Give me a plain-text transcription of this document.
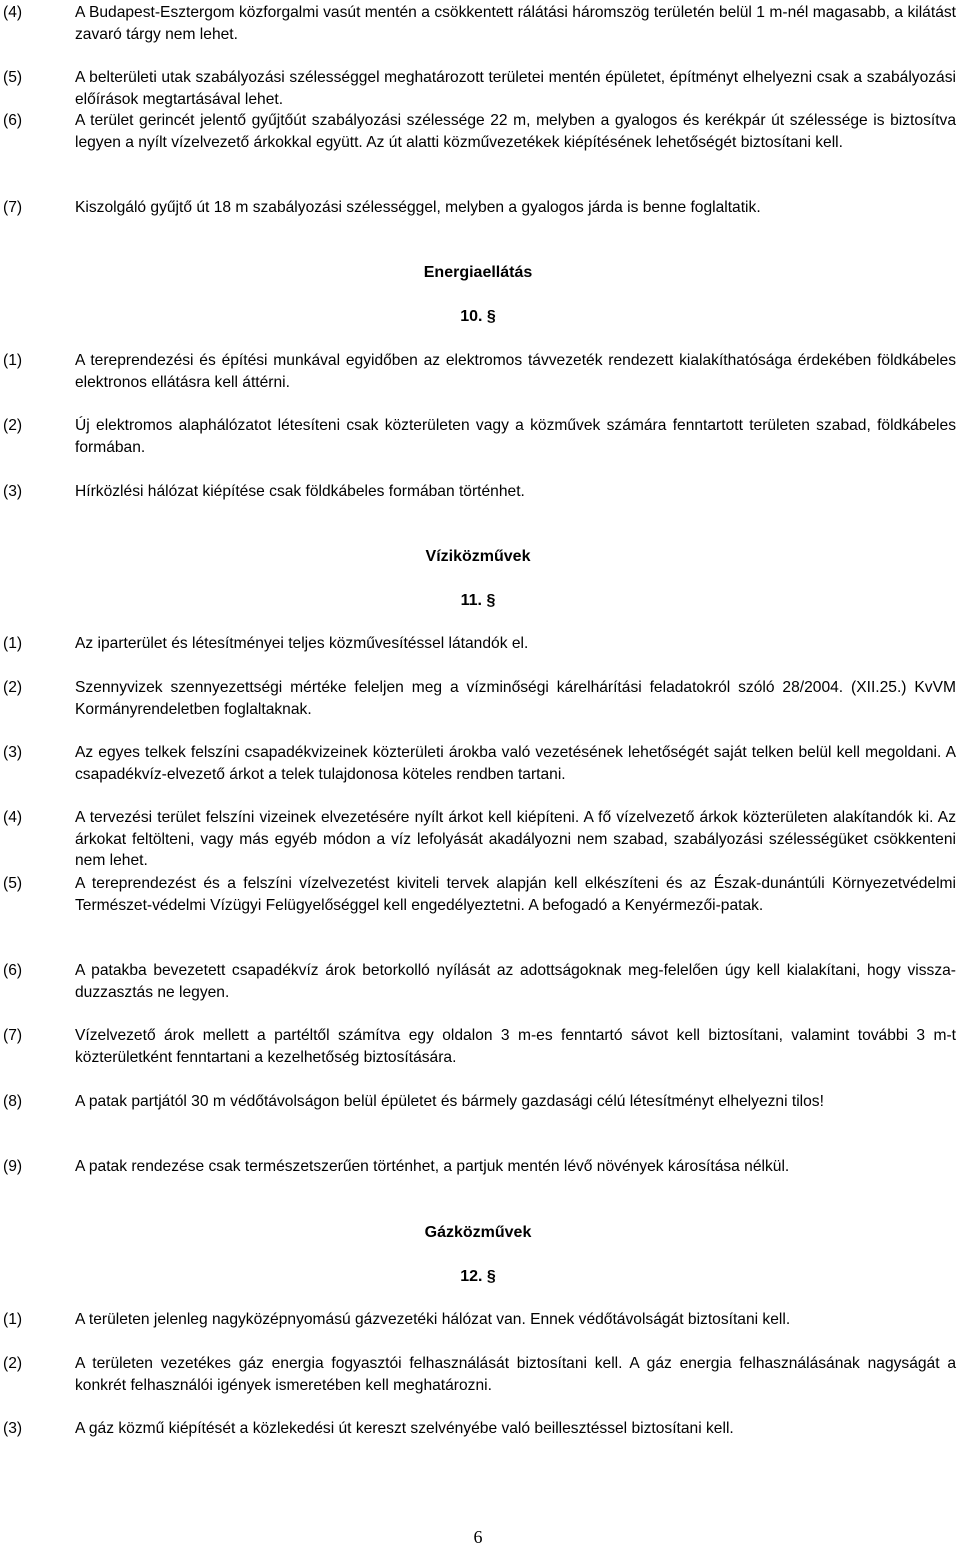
(4)	A Budapest-Esztergom közforgalmi vasút mentén a csökkentett rálátási háromszög területén belül 1 m-nél magasabb, a kilátást zavaró tárgy nem lehet.
(5)	A belterületi utak szabályozási szélességgel meghatározott területei mentén épületet, építményt elhelyezni csak a szabályozási előírások megtartásával lehet.
(6)	A terület gerincét jelentő gyűjtőút szabályozási szélessége 22 m, melyben a gyalogos és kerékpár út szélessége is biztosítva legyen a nyílt vízelvezető árkokkal együtt. Az út alatti közművezetékek kiépítésének lehetőségét biztosítani kell.
(7)	Kiszolgáló gyűjtő út 18 m szabályozási szélességgel, melyben a gyalogos járda is benne foglaltatik.
Energiaellátás
10. §
(1)	A tereprendezési és építési munkával egyidőben az elektromos távvezeték rendezett kialakíthatósága érdekében földkábeles elektronos ellátásra kell áttérni.
(2)	Új elektromos alaphálózatot létesíteni csak közterületen vagy a közművek számára fenntartott területen szabad, földkábeles formában.
(3)	Hírközlési hálózat kiépítése csak földkábeles formában történhet.
Víziközművek
11. §
(1)	Az iparterület és létesítményei teljes közművesítéssel látandók el.
(2)	Szennyvizek szennyezettségi mértéke feleljen meg a vízminőségi kárelhárítási feladatokról szóló 28/2004. (XII.25.) KvVM Kormányrendeletben foglaltaknak.
(3)	Az egyes telkek felszíni csapadékvizeinek közterületi árokba való vezetésének lehetőségét saját telken belül kell megoldani. A csapadékvíz-elvezető árkot a telek tulajdonosa köteles rendben tartani.
(4)	A tervezési terület felszíni vizeinek elvezetésére nyílt árkot kell kiépíteni. A fő vízelvezető árkok közterületen alakítandók ki. Az árkokat feltölteni, vagy más egyéb módon a víz lefolyását akadályozni nem szabad, szabályozási szélességüket csökkenteni nem lehet.
(5)	A tereprendezést és a felszíni vízelvezetést kiviteli tervek alapján kell elkészíteni és az Észak-dunántúli Környezetvédelmi Természet-védelmi Vízügyi Felügyelőséggel kell engedélyeztetni. A befogadó a Kenyérmezői-patak.
(6)	A patakba bevezetett csapadékvíz árok betorkolló nyílását az adottságoknak meg-felelően úgy kell kialakítani, hogy vissza-duzzasztás ne legyen.
(7)	Vízelvezető árok mellett a partéltől számítva egy oldalon 3 m-es fenntartó sávot kell biztosítani, valamint további 3 m-t közterületként fenntartani a kezelhetőség biztosítására.
(8)	A patak partjától 30 m védőtávolságon belül épületet és bármely gazdasági célú létesítményt elhelyezni tilos!
(9)	A patak rendezése csak természetszerűen történhet, a partjuk mentén lévő növények károsítása nélkül.
Gázközművek
12. §
(1)	A területen jelenleg nagyközépnyomású gázvezetéki hálózat van. Ennek védőtávolságát biztosítani kell.
(2)	A területen vezetékes gáz energia fogyasztói felhasználását biztosítani kell. A gáz energia felhasználásának nagyságát a konkrét felhasználói igények ismeretében kell meghatározni.
(3)	A gáz közmű kiépítését a közlekedési út kereszt szelvényébe való beillesztéssel biztosítani kell.
6
